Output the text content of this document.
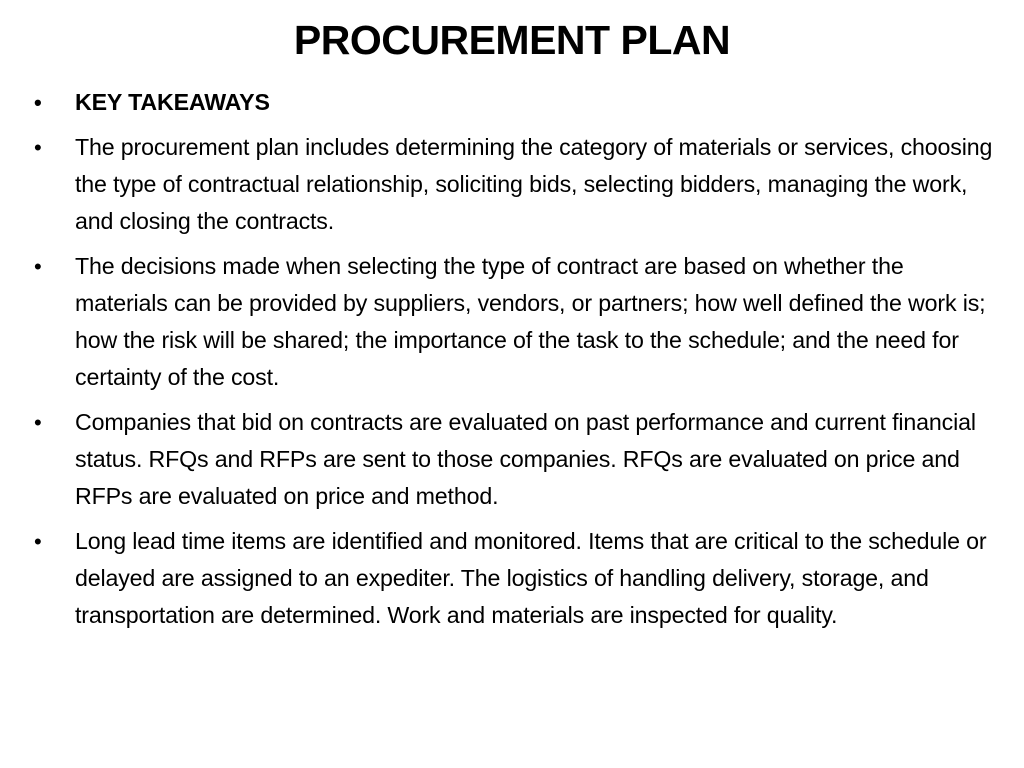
PROCUREMENT PLAN
•	KEY TAKEAWAYS
•	The procurement plan includes determining the category of materials or services, choosing the type of contractual relationship, soliciting bids, selecting bidders, managing the work, and closing the contracts.
•	The decisions made when selecting the type of contract are based on whether the materials can be provided by suppliers, vendors, or partners; how well defined the work is; how the risk will be shared; the importance of the task to the schedule; and the need for certainty of the cost.
•	Companies that bid on contracts are evaluated on past performance and current financial status. RFQs and RFPs are sent to those companies. RFQs are evaluated on price and RFPs are evaluated on price and method.
•	Long lead time items are identified and monitored. Items that are critical to the schedule or delayed are assigned to an expediter. The logistics of handling delivery, storage, and transportation are determined. Work and materials are inspected for quality.
